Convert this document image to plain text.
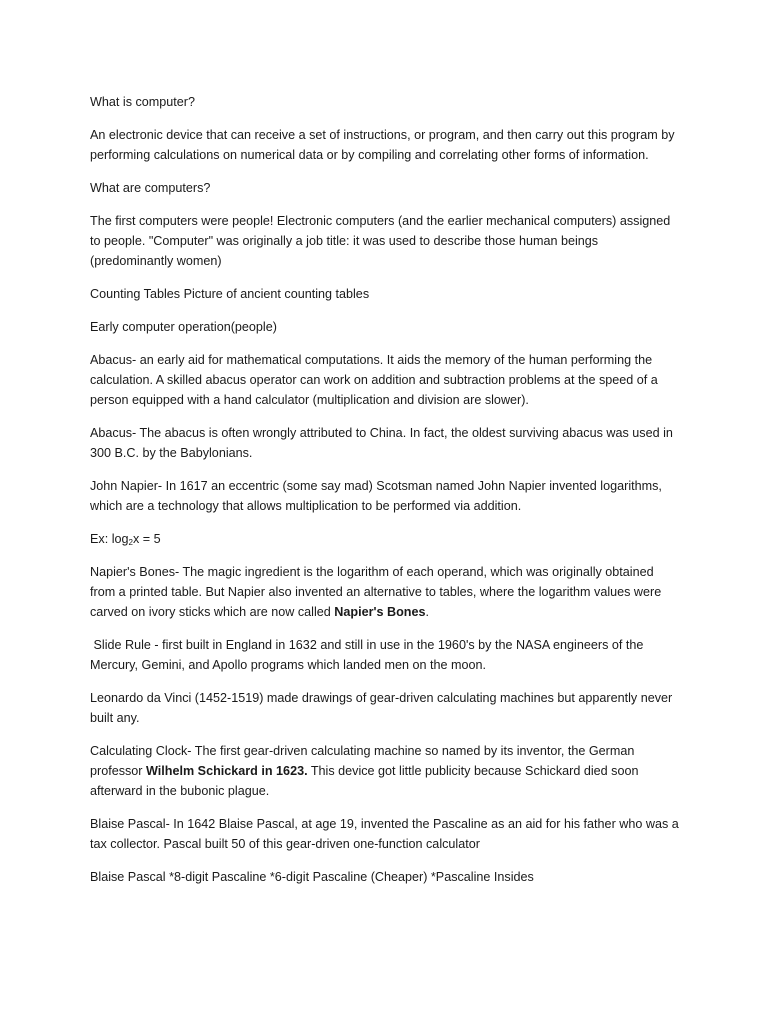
What is computer?

An electronic device that can receive a set of instructions, or program, and then carry out this program by performing calculations on numerical data or by compiling and correlating other forms of information.

What are computers?

The first computers were people! Electronic computers (and the earlier mechanical computers) assigned to people. "Computer" was originally a job title: it was used to describe those human beings (predominantly women)

Counting Tables Picture of ancient counting tables

Early computer operation(people)

Abacus- an early aid for mathematical computations. It aids the memory of the human performing the calculation. A skilled abacus operator can work on addition and subtraction problems at the speed of a person equipped with a hand calculator (multiplication and division are slower).

Abacus- The abacus is often wrongly attributed to China. In fact, the oldest surviving abacus was used in 300 B.C. by the Babylonians.

John Napier- In 1617 an eccentric (some say mad) Scotsman named John Napier invented logarithms, which are a technology that allows multiplication to be performed via addition.

Ex: $\log_2x = 5$

Napier's Bones- The magic ingredient is the logarithm of each operand, which was originally obtained from a printed table. But Napier also invented an alternative to tables, where the logarithm values were carved on ivory sticks which are now called Napier's Bones.

Slide Rule - first built in England in 1632 and still in use in the 1960's by the NASA engineers of the Mercury, Gemini, and Apollo programs which landed men on the moon.

Leonardo da Vinci (1452-1519) made drawings of gear-driven calculating machines but apparently never built any.

Calculating Clock- The first gear-driven calculating machine so named by its inventor, the German professor Wilhelm Schickard in 1623. This device got little publicity because Schickard died soon afterward in the bubonic plague.

Blaise Pascal- In 1642 Blaise Pascal, at age 19, invented the Pascaline as an aid for his father who was a tax collector. Pascal built 50 of this gear-driven one-function calculator

Blaise Pascal *8-digit Pascaline *6-digit Pascaline (Cheaper) *Pascaline Insides
